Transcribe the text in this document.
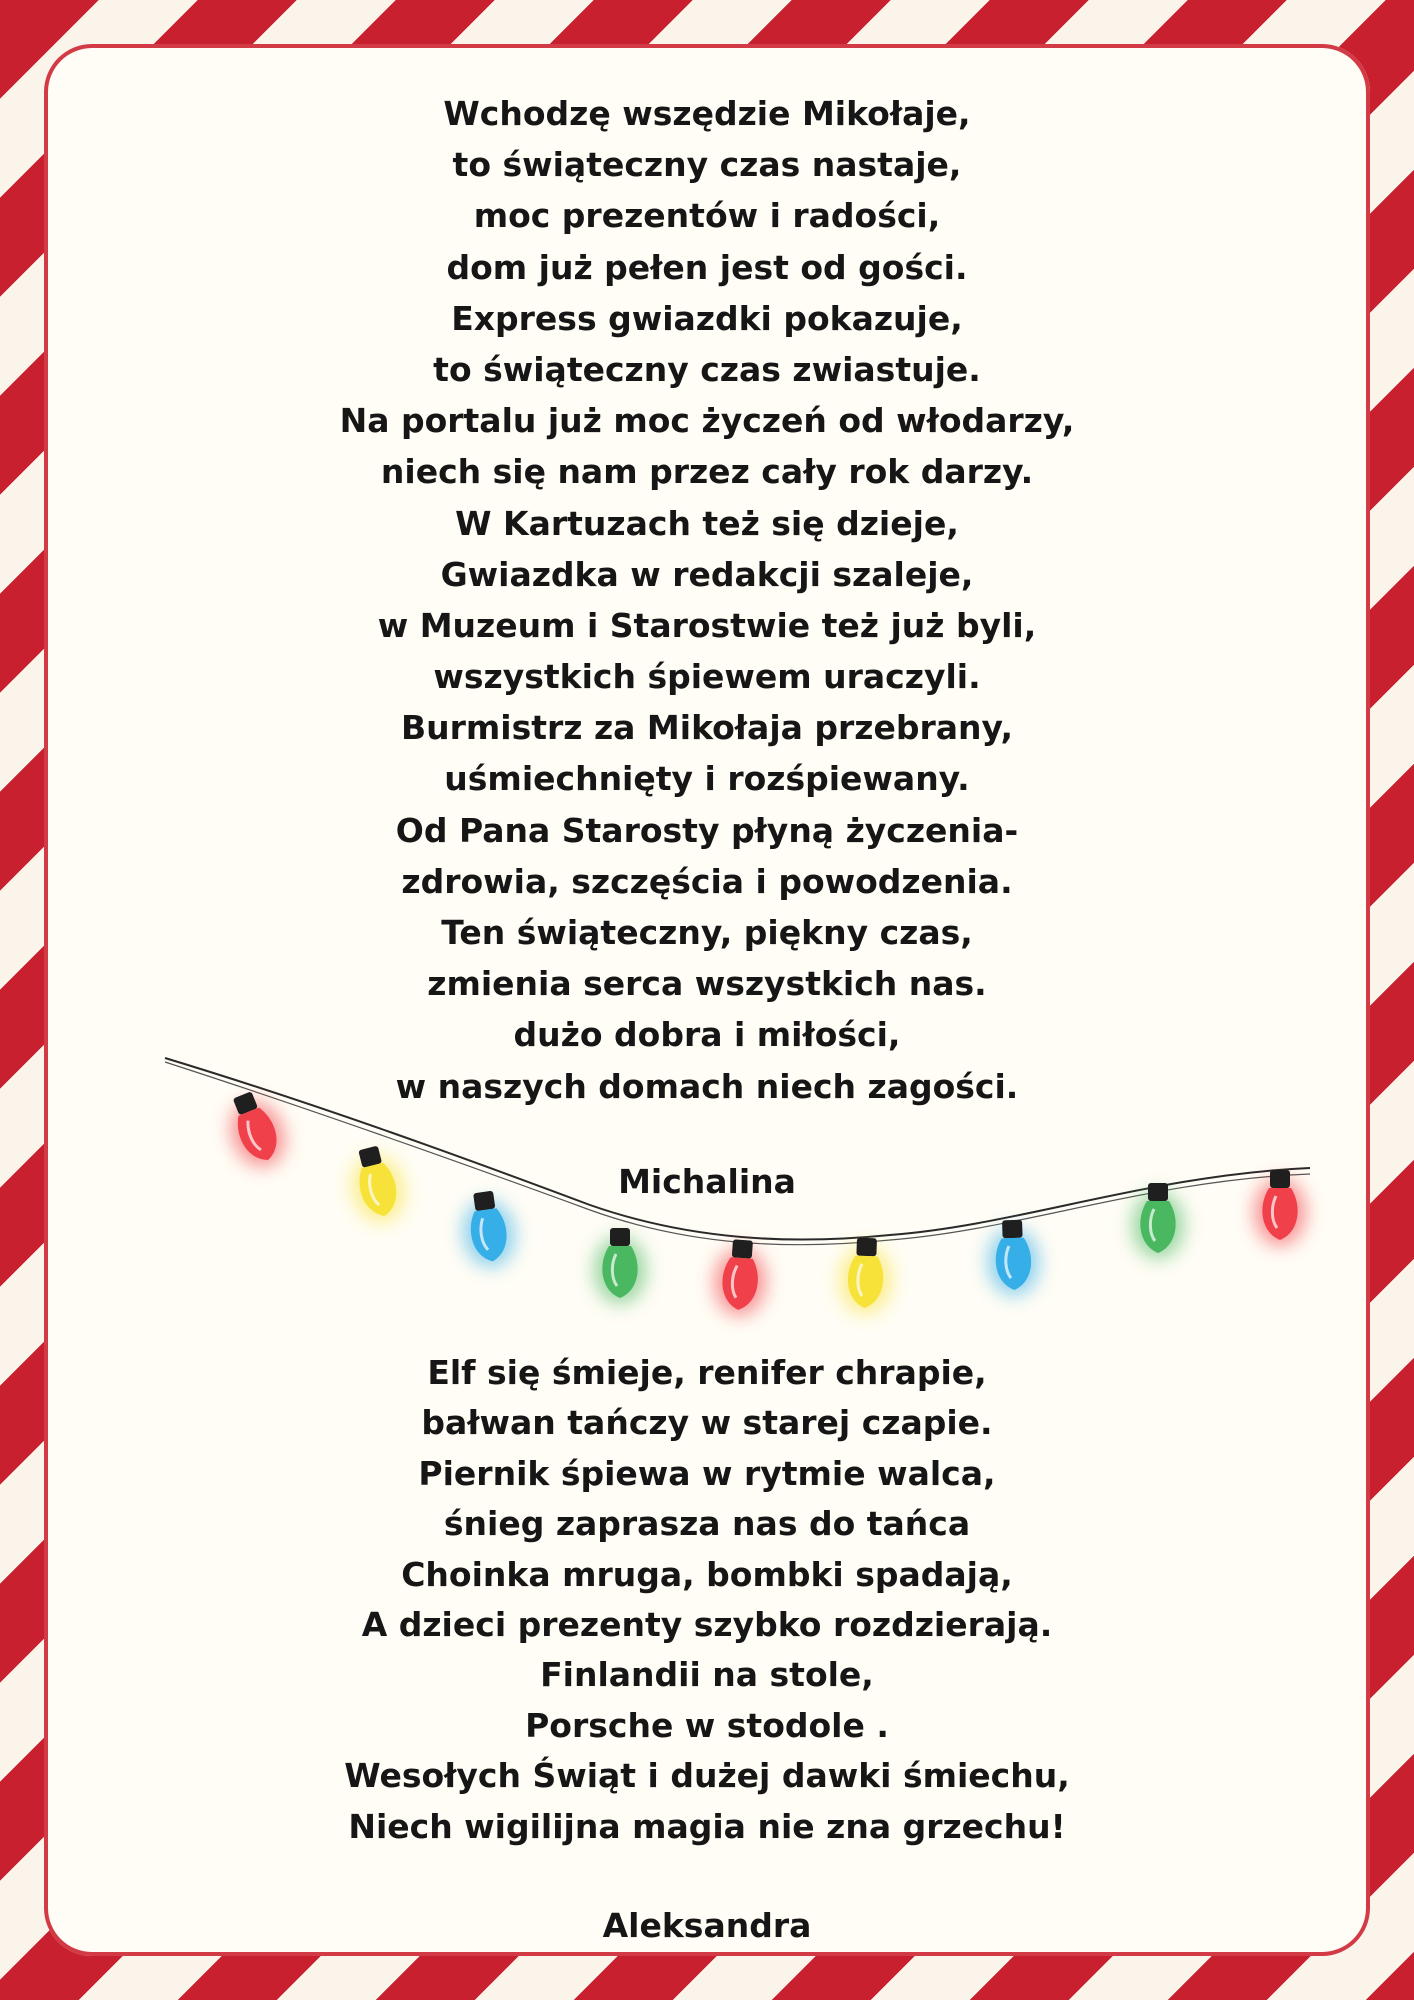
Wchodzę wszędzie Mikołaje,
to świąteczny czas nastaje,
moc prezentów i radości,
dom już pełen jest od gości.
Express gwiazdki pokazuje,
to świąteczny czas zwiastuje.
Na portalu już moc życzeń od włodarzy,
niech się nam przez cały rok darzy.
W Kartuzach też się dzieje,
Gwiazdka w redakcji szaleje,
w Muzeum i Starostwie też już byli,
wszystkich śpiewem uraczyli.
Burmistrz za Mikołaja przebrany,
uśmiechnięty i rozśpiewany.
Od Pana Starosty płyną życzenia-
zdrowia, szczęścia i powodzenia.
Ten świąteczny, piękny czas,
zmienia serca wszystkich nas.
dużo dobra i miłości,
w naszych domach niech zagości.
Michalina
Elf się śmieje, renifer chrapie,
bałwan tańczy w starej czapie.
Piernik śpiewa w rytmie walca,
śnieg zaprasza nas do tańca
Choinka mruga, bombki spadają,
A dzieci prezenty szybko rozdzierają.
Finlandii na stole,
Porsche w stodole .
Wesołych Świąt i dużej dawki śmiechu,
Niech wigilijna magia nie zna grzechu!
Aleksandra
